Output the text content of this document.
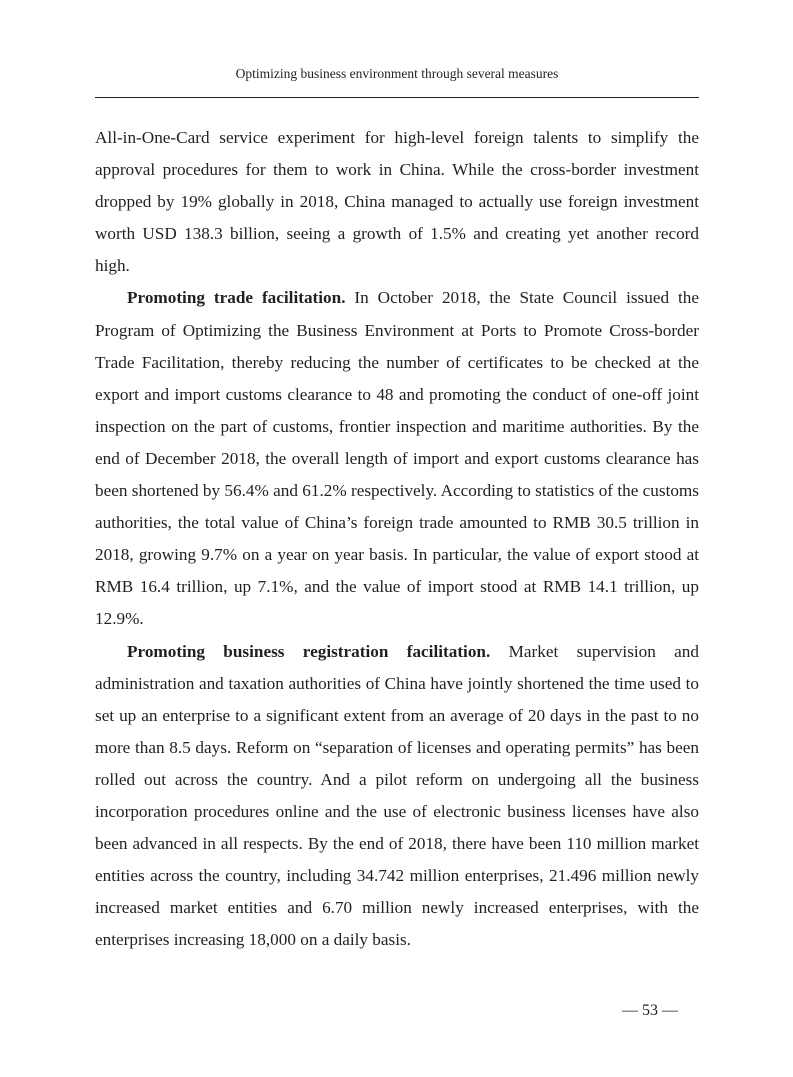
Optimizing business environment through several measures

All-in-One-Card service experiment for high-level foreign talents to simplify the approval procedures for them to work in China. While the cross-border investment dropped by 19% globally in 2018, China managed to actually use foreign investment worth USD 138.3 billion, seeing a growth of 1.5% and creating yet another record high.

Promoting trade facilitation. In October 2018, the State Council issued the Program of Optimizing the Business Environment at Ports to Promote Cross-border Trade Facilitation, thereby reducing the number of certificates to be checked at the export and import customs clearance to 48 and promoting the conduct of one-off joint inspection on the part of customs, frontier inspection and maritime authorities. By the end of December 2018, the overall length of import and export customs clearance has been shortened by 56.4% and 61.2% respectively. According to statistics of the customs authorities, the total value of China’s foreign trade amounted to RMB 30.5 trillion in 2018, growing 9.7% on a year on year basis. In particular, the value of export stood at RMB 16.4 trillion, up 7.1%, and the value of import stood at RMB 14.1 trillion, up 12.9%.

Promoting business registration facilitation. Market supervision and administration and taxation authorities of China have jointly shortened the time used to set up an enterprise to a significant extent from an average of 20 days in the past to no more than 8.5 days. Reform on “separation of licenses and operating permits” has been rolled out across the country. And a pilot reform on undergoing all the business incorporation procedures online and the use of electronic business licenses have also been advanced in all respects. By the end of 2018, there have been 110 million market entities across the country, including 34.742 million enterprises, 21.496 million newly increased market entities and 6.70 million newly increased enterprises, with the enterprises increasing 18,000 on a daily basis.

— 53 —
